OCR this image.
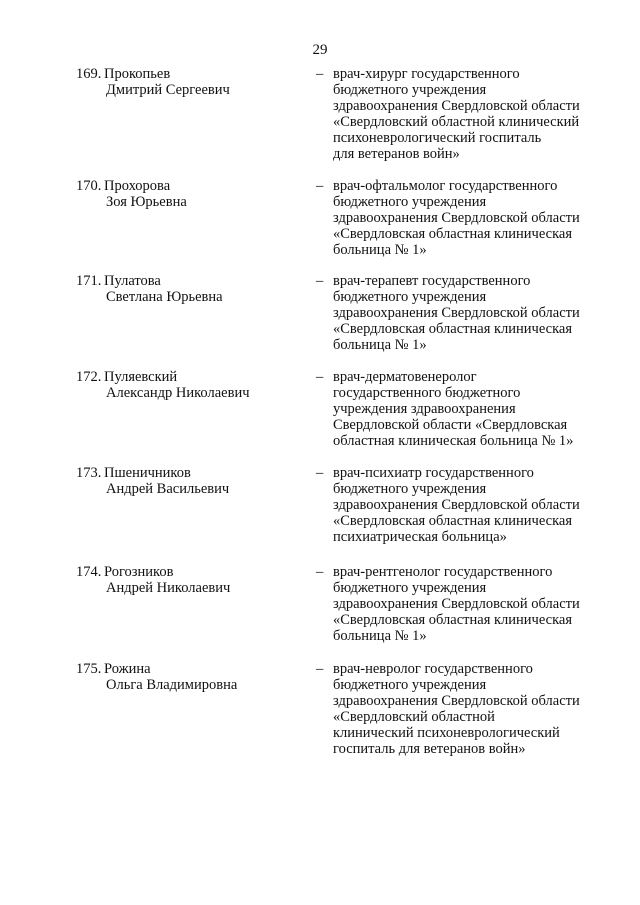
29
169. Прокопьев
Дмитрий Сергеевич
– врач-хирург государственного
бюджетного учреждения
здравоохранения Свердловской области
«Свердловский областной клинический
психоневрологический госпиталь
для ветеранов войн»
170. Прохорова
Зоя Юрьевна
– врач-офтальмолог государственного
бюджетного учреждения
здравоохранения Свердловской области
«Свердловская областная клиническая
больница № 1»
171. Пулатова
Светлана Юрьевна
– врач-терапевт государственного
бюджетного учреждения
здравоохранения Свердловской области
«Свердловская областная клиническая
больница № 1»
172. Пуляевский
Александр Николаевич
– врач-дерматовенеролог
государственного бюджетного
учреждения здравоохранения
Свердловской области «Свердловская
областная клиническая больница № 1»
173. Пшеничников
Андрей Васильевич
– врач-психиатр государственного
бюджетного учреждения
здравоохранения Свердловской области
«Свердловская областная клиническая
психиатрическая больница»
174. Рогозников
Андрей Николаевич
– врач-рентгенолог государственного
бюджетного учреждения
здравоохранения Свердловской области
«Свердловская областная клиническая
больница № 1»
175. Рожина
Ольга Владимировна
– врач-невролог государственного
бюджетного учреждения
здравоохранения Свердловской области
«Свердловский областной
клинический психоневрологический
госпиталь для ветеранов войн»
